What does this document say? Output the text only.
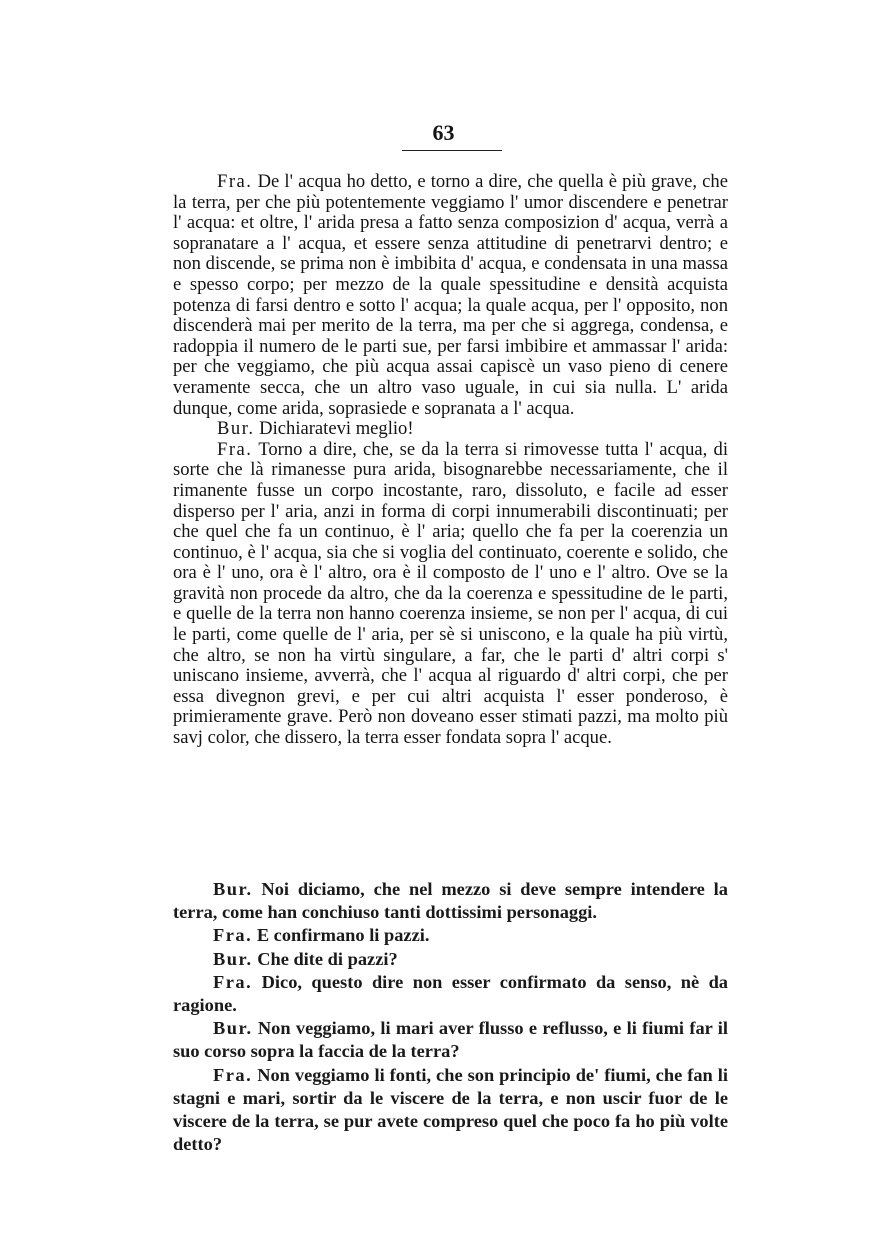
63

Fra. De l' acqua ho detto, e torno a dire, che quella è più grave, che la terra, per che più potentemente veggiamo l' umor discendere e penetrar l' acqua: et oltre, l' arida presa a fatto senza composizion d' acqua, verrà a sopranatare a l' acqua, et essere senza attitudine di penetrarvi dentro; e non discende, se prima non è imbibita d' acqua, e condensata in una massa e spesso corpo; per mezzo de la quale spessitudine e densità acquista potenza di farsi dentro e sotto l' acqua; la quale acqua, per l' opposito, non discenderà mai per merito de la terra, ma per che si aggrega, condensa, e radoppia il numero de le parti sue, per farsi imbibire et ammassar l' arida: per che veggiamo, che più acqua assai capiscè un vaso pieno di cenere veramente secca, che un altro vaso uguale, in cui sia nulla. L' arida dunque, come arida, soprasiede e sopranata a l' acqua.

Bur. Dichiaratevi meglio!

Fra. Torno a dire, che, se da la terra si rimovesse tutta l' acqua, di sorte che là rimanesse pura arida, bisognarebbe necessariamente, che il rimanente fusse un corpo incostante, raro, dissoluto, e facile ad esser disperso per l' aria, anzi in forma di corpi innumerabili discontinuati; per che quel che fa un continuo, è l' aria; quello che fa per la coerenzia un continuo, è l' acqua, sia che si voglia del continuato, coerente e solido, che ora è l' uno, ora è l' altro, ora è il composto de l' uno e l' altro. Ove se la gravità non procede da altro, che da la coerenza e spessitudine de le parti, e quelle de la terra non hanno coerenza insieme, se non per l' acqua, di cui le parti, come quelle de l' aria, per sè si uniscono, e la quale ha più virtù, che altro, se non ha virtù singulare, a far, che le parti d' altri corpi s' uniscano insieme, avverrà, che l' acqua al riguardo d' altri corpi, che per essa divegnon grevi, e per cui altri acquista l' esser ponderoso, è primieramente grave. Però non doveano esser stimati pazzi, ma molto più savj color, che dissero, la terra esser fondata sopra l' acque.

Bur. Noi diciamo, che nel mezzo si deve sempre intendere la terra, come han conchiuso tanti dottissimi personaggi.

Fra. E confirmano li pazzi.

Bur. Che dite di pazzi?

Fra. Dico, questo dire non esser confirmato da senso, nè da ragione.

Bur. Non veggiamo, li mari aver flusso e reflusso, e li fiumi far il suo corso sopra la faccia de la terra?

Fra. Non veggiamo li fonti, che son principio de' fiumi, che fan li stagni e mari, sortir da le viscere de la terra, e non uscir fuor de le viscere de la terra, se pur avete compreso quel che poco fa ho più volte detto?
